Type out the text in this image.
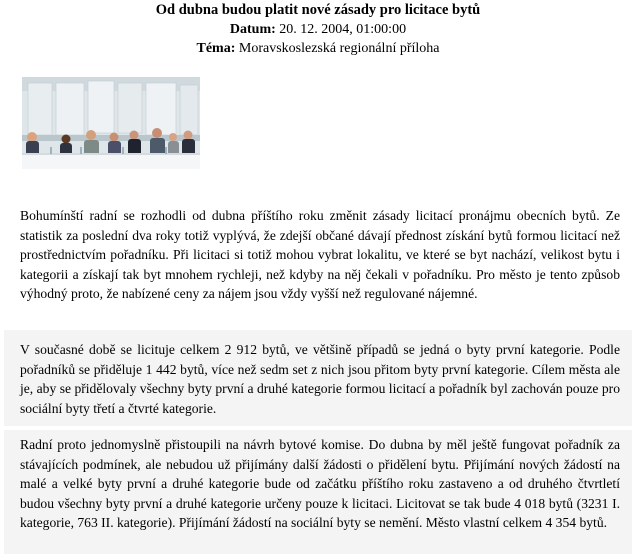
Od dubna budou platit nové zásady pro licitace bytů
Datum: 20. 12. 2004, 01:00:00
Téma: Moravskoslezská regionální příloha
Bohumínští radní se rozhodli od dubna příštího roku změnit zásady licitací pronájmu obecních bytů. Ze statistik za poslední dva roky totiž vyplývá, že zdejší občané dávají přednost získání bytů formou licitací než prostřednictvím pořadníku. Při licitaci si totiž mohou vybrat lokalitu, ve které se byt nachází, velikost bytu i kategorii a získají tak byt mnohem rychleji, než kdyby na něj čekali v pořadníku. Pro město je tento způsob výhodný proto, že nabízené ceny za nájem jsou vždy vyšší než regulované nájemné.
V současné době se licituje celkem 2 912 bytů, ve většině případů se jedná o byty první kategorie. Podle pořadníků se přiděluje 1 442 bytů, více než sedm set z nich jsou přitom byty první kategorie. Cílem města ale je, aby se přidělovaly všechny byty první a druhé kategorie formou licitací a pořadník byl zachován pouze pro sociální byty třetí a čtvrté kategorie.
Radní proto jednomyslně přistoupili na návrh bytové komise. Do dubna by měl ještě fungovat pořadník za stávajících podmínek, ale nebudou už přijímány další žádosti o přidělení bytu. Přijímání nových žádostí na malé a velké byty první a druhé kategorie bude od začátku příštího roku zastaveno a od druhého čtvrtletí budou všechny byty první a druhé kategorie určeny pouze k licitaci. Licitovat se tak bude 4 018 bytů (3231 I. kategorie, 763 II. kategorie). Přijímání žádostí na sociální byty se nemění. Město vlastní celkem 4 354 bytů.
